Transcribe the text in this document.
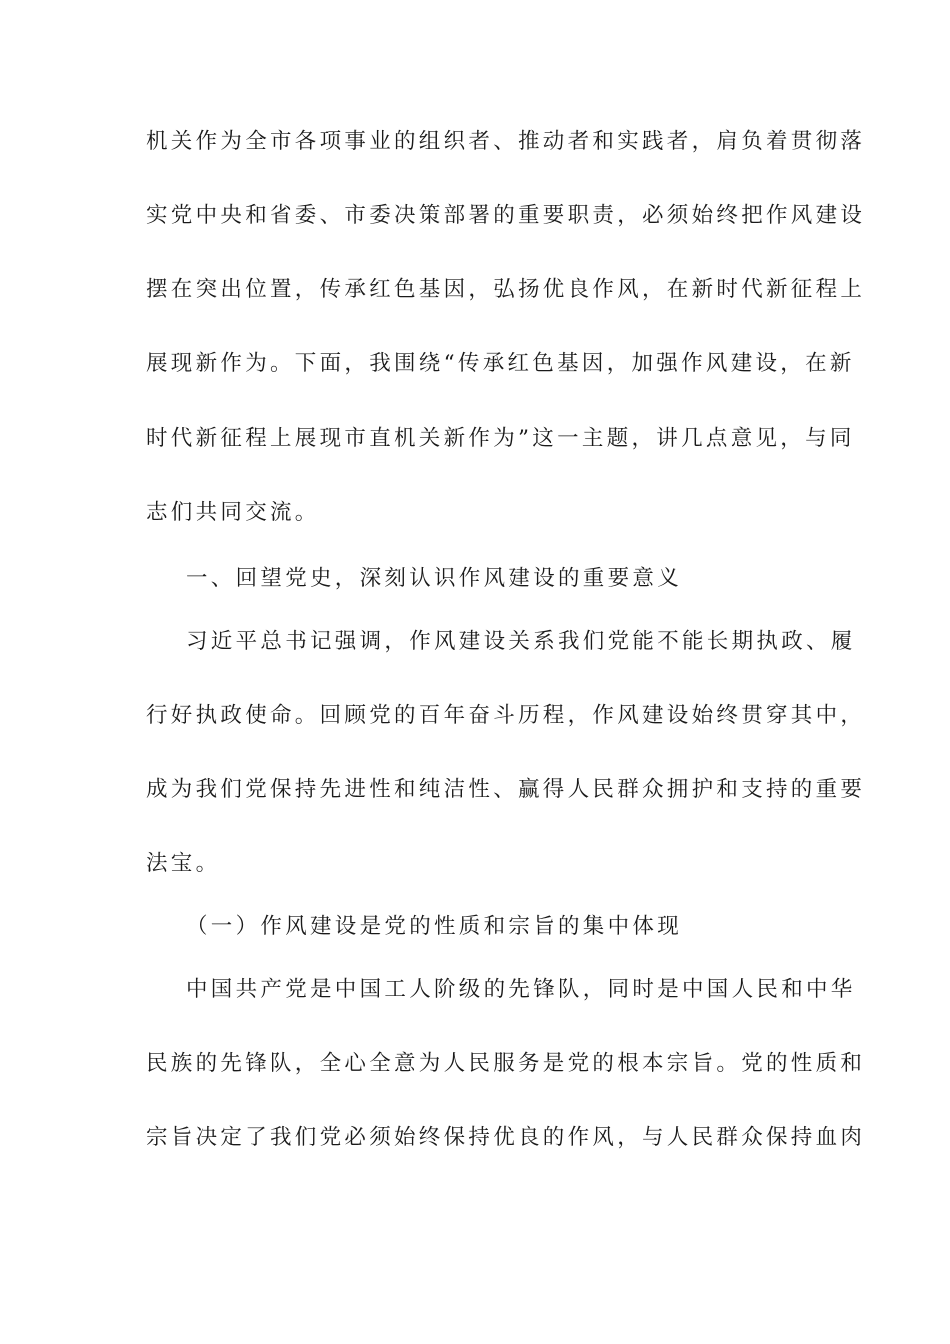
机关作为全市各项事业的组织者、推动者和实践者，肩负着贯彻落
实党中央和省委、市委决策部署的重要职责，必须始终把作风建设
摆在突出位置，传承红色基因，弘扬优良作风，在新时代新征程上
展现新作为。下面，我围绕“传承红色基因，加强作风建设，在新
时代新征程上展现市直机关新作为”这一主题，讲几点意见，与同
志们共同交流。
一、回望党史，深刻认识作风建设的重要意义
习近平总书记强调，作风建设关系我们党能不能长期执政、履
行好执政使命。回顾党的百年奋斗历程，作风建设始终贯穿其中，
成为我们党保持先进性和纯洁性、赢得人民群众拥护和支持的重要
法宝。
（一）作风建设是党的性质和宗旨的集中体现
中国共产党是中国工人阶级的先锋队，同时是中国人民和中华
民族的先锋队，全心全意为人民服务是党的根本宗旨。党的性质和
宗旨决定了我们党必须始终保持优良的作风，与人民群众保持血肉
